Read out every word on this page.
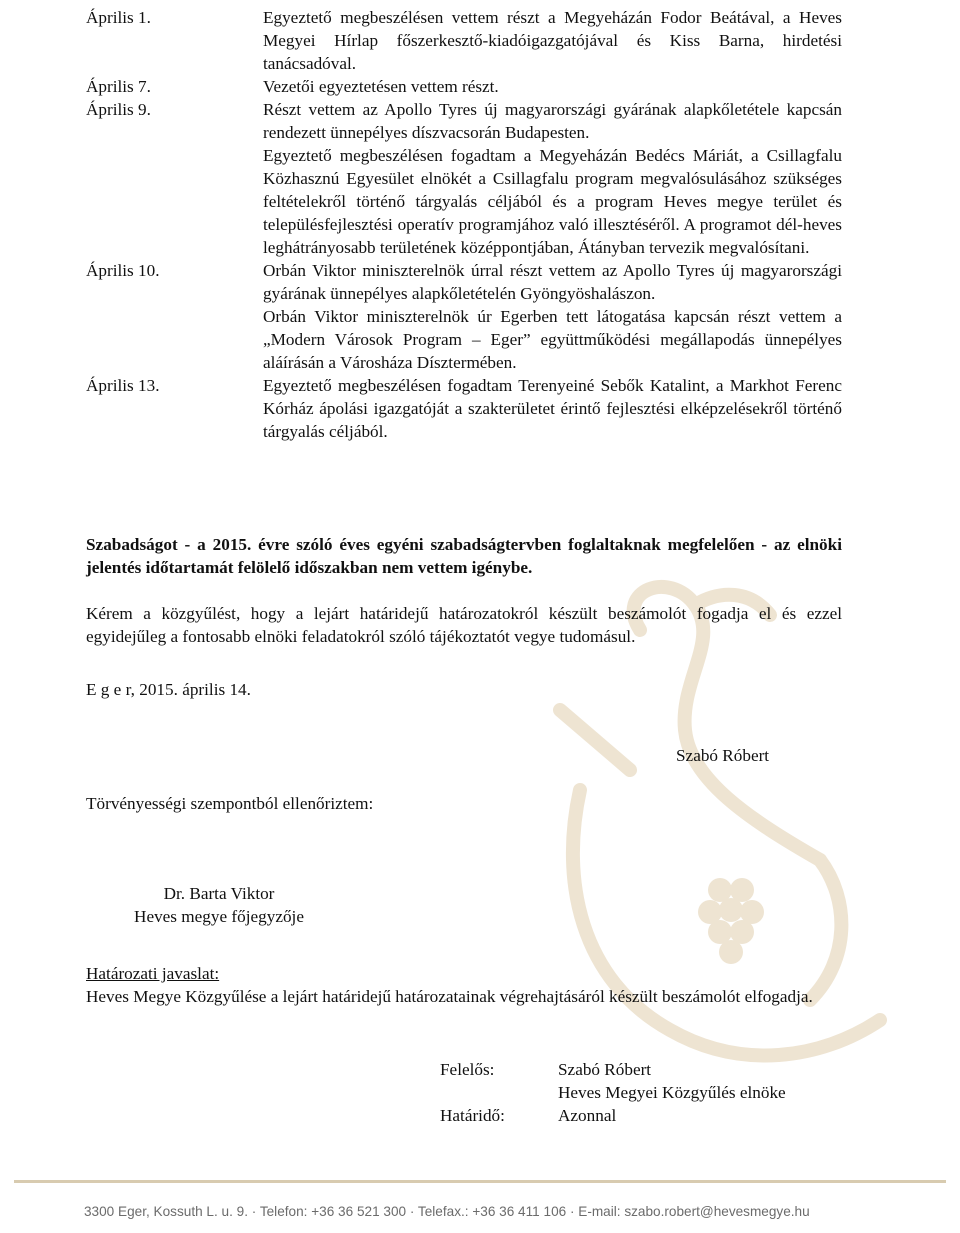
Április 1.	Egyeztető megbeszélésen vettem részt a Megyeházán Fodor Beátával, a Heves Megyei Hírlap főszerkesztő-kiadóigazgatójával és Kiss Barna, hirdetési tanácsadóval.
Április 7.	Vezetői egyeztetésen vettem részt.
Április 9.	Részt vettem az Apollo Tyres új magyarországi gyárának alapkőletétele kapcsán rendezett ünnepélyes díszvacsorán Budapesten.
Egyeztető megbeszélésen fogadtam a Megyeházán Bedécs Máriát, a Csillagfalu Közhasznú Egyesület elnökét a Csillagfalu program megvalósulásához szükséges feltételekről történő tárgyalás céljából és a program Heves megye terület és településfejlesztési operatív programjához való illesztéséről. A programot dél-heves leghátrányosabb területének középpontjában, Átányban tervezik megvalósítani.
Április 10.	Orbán Viktor miniszterelnök úrral részt vettem az Apollo Tyres új magyarországi gyárának ünnepélyes alapkőletételén Gyöngyöshalászon.
Orbán Viktor miniszterelnök úr Egerben tett látogatása kapcsán részt vettem a „Modern Városok Program – Eger” együttműködési megállapodás ünnepélyes aláírásán a Városháza Dísztermében.
Április 13.	Egyeztető megbeszélésen fogadtam Terenyeiné Sebők Katalint, a Markhot Ferenc Kórház ápolási igazgatóját a szakterületet érintő fejlesztési elképzelésekről történő tárgyalás céljából.
Szabadságot - a 2015. évre szóló éves egyéni szabadságtervben foglaltaknak megfelelően - az elnöki jelentés időtartamát felölelő időszakban nem vettem igénybe.
Kérem a közgyűlést, hogy a lejárt határidejű határozatokról készült beszámolót fogadja el és ezzel egyidejűleg a fontosabb elnöki feladatokról szóló tájékoztatót vegye tudomásul.
E g e r, 2015. április 14.
Szabó Róbert
Törvényességi szempontból ellenőriztem:
Dr. Barta Viktor
Heves megye főjegyzője
Határozati javaslat:
Heves Megye Közgyűlése a lejárt határidejű határozatainak végrehajtásáról készült beszámolót elfogadja.
Felelős:	Szabó Róbert
Heves Megyei Közgyűlés elnöke
Határidő:	Azonnal
3300 Eger, Kossuth L. u. 9. · Telefon: +36 36 521 300 · Telefax.: +36 36 411 106 · E-mail: szabo.robert@hevesmegye.hu
